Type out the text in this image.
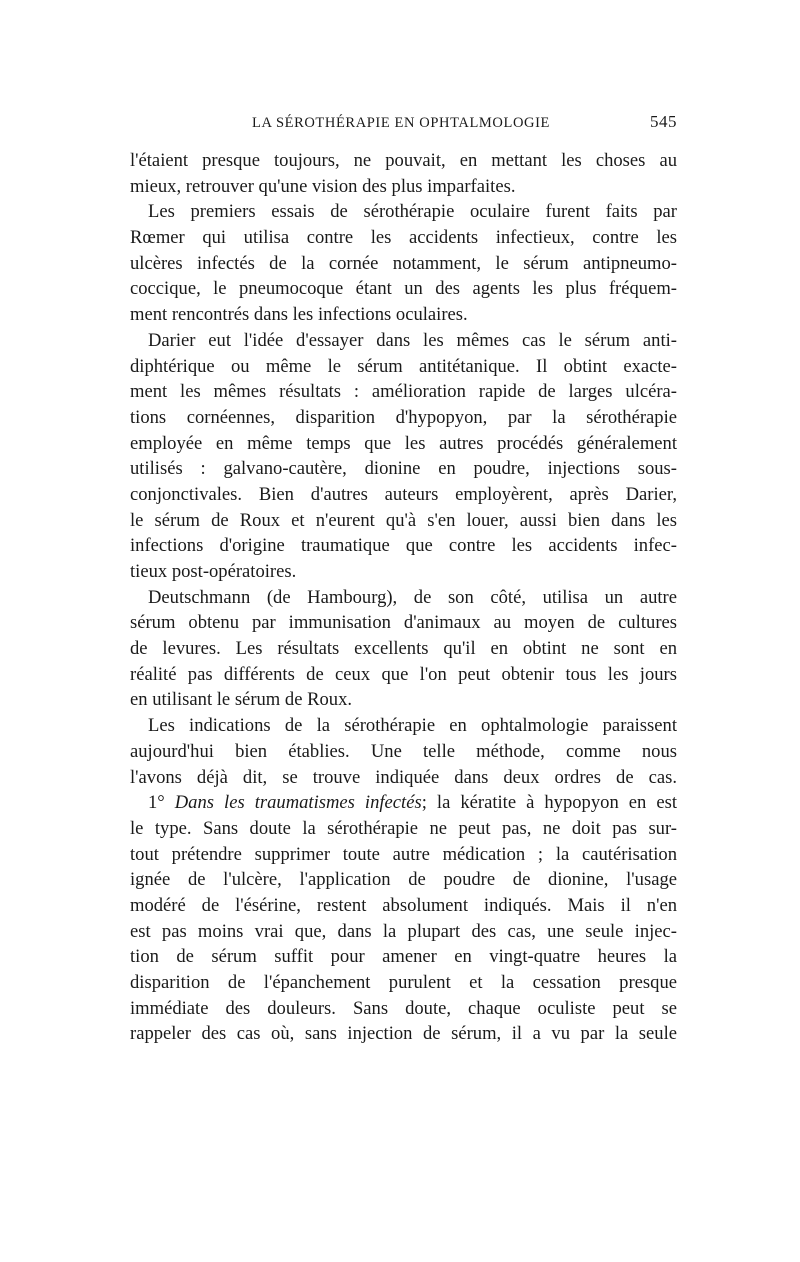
LA SÉROTHÉRAPIE EN OPHTALMOLOGIE	545
l'étaient presque toujours, ne pouvait, en mettant les choses au
mieux, retrouver qu'une vision des plus imparfaites.
Les premiers essais de sérothérapie oculaire furent faits par
Rœmer qui utilisa contre les accidents infectieux, contre les
ulcères infectés de la cornée notamment, le sérum antipneumo-
coccique, le pneumocoque étant un des agents les plus fréquem-
ment rencontrés dans les infections oculaires.
Darier eut l'idée d'essayer dans les mêmes cas le sérum anti-
diphtérique ou même le sérum antitétanique. Il obtint exacte-
ment les mêmes résultats : amélioration rapide de larges ulcéra-
tions cornéennes, disparition d'hypopyon, par la sérothérapie
employée en même temps que les autres procédés généralement
utilisés : galvano-cautère, dionine en poudre, injections sous-
conjonctivales. Bien d'autres auteurs employèrent, après Darier,
le sérum de Roux et n'eurent qu'à s'en louer, aussi bien dans les
infections d'origine traumatique que contre les accidents infec-
tieux post-opératoires.
Deutschmann (de Hambourg), de son côté, utilisa un autre
sérum obtenu par immunisation d'animaux au moyen de cultures
de levures. Les résultats excellents qu'il en obtint ne sont en
réalité pas différents de ceux que l'on peut obtenir tous les jours
en utilisant le sérum de Roux.
Les indications de la sérothérapie en ophtalmologie paraissent
aujourd'hui bien établies. Une telle méthode, comme nous
l'avons déjà dit, se trouve indiquée dans deux ordres de cas.
1° Dans les traumatismes infectés; la kératite à hypopyon en est
le type. Sans doute la sérothérapie ne peut pas, ne doit pas sur-
tout prétendre supprimer toute autre médication ; la cautérisation
ignée de l'ulcère, l'application de poudre de dionine, l'usage
modéré de l'ésérine, restent absolument indiqués. Mais il n'en
est pas moins vrai que, dans la plupart des cas, une seule injec-
tion de sérum suffit pour amener en vingt-quatre heures la
disparition de l'épanchement purulent et la cessation presque
immédiate des douleurs. Sans doute, chaque oculiste peut se
rappeler des cas où, sans injection de sérum, il a vu par la seule
